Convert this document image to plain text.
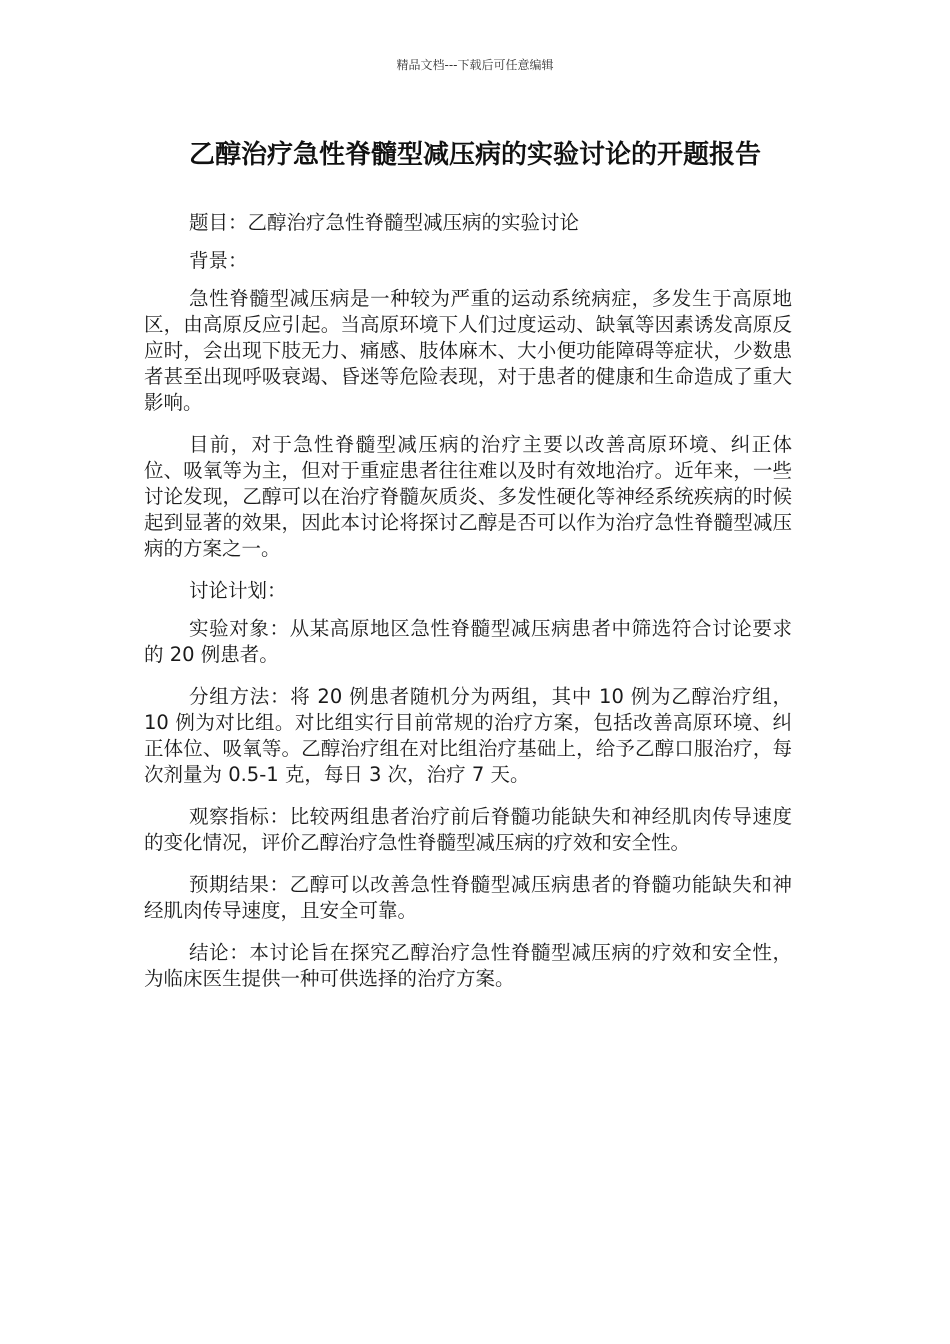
精品文档---下载后可任意编辑
乙醇治疗急性脊髓型减压病的实验讨论的开题报告

题目：乙醇治疗急性脊髓型减压病的实验讨论

背景：

急性脊髓型减压病是一种较为严重的运动系统病症，多发生于高原地区，由高原反应引起。当高原环境下人们过度运动、缺氧等因素诱发高原反应时，会出现下肢无力、痛感、肢体麻木、大小便功能障碍等症状，少数患者甚至出现呼吸衰竭、昏迷等危险表现，对于患者的健康和生命造成了重大影响。

目前，对于急性脊髓型减压病的治疗主要以改善高原环境、纠正体位、吸氧等为主，但对于重症患者往往难以及时有效地治疗。近年来，一些讨论发现，乙醇可以在治疗脊髓灰质炎、多发性硬化等神经系统疾病的时候起到显著的效果，因此本讨论将探讨乙醇是否可以作为治疗急性脊髓型减压病的方案之一。

讨论计划：

实验对象：从某高原地区急性脊髓型减压病患者中筛选符合讨论要求的 20 例患者。

分组方法：将 20 例患者随机分为两组，其中 10 例为乙醇治疗组，10 例为对比组。对比组实行目前常规的治疗方案，包括改善高原环境、纠正体位、吸氧等。乙醇治疗组在对比组治疗基础上，给予乙醇口服治疗，每次剂量为 0.5-1 克，每日 3 次，治疗 7 天。

观察指标：比较两组患者治疗前后脊髓功能缺失和神经肌肉传导速度的变化情况，评价乙醇治疗急性脊髓型减压病的疗效和安全性。

预期结果：乙醇可以改善急性脊髓型减压病患者的脊髓功能缺失和神经肌肉传导速度，且安全可靠。

结论：本讨论旨在探究乙醇治疗急性脊髓型减压病的疗效和安全性，为临床医生提供一种可供选择的治疗方案。
